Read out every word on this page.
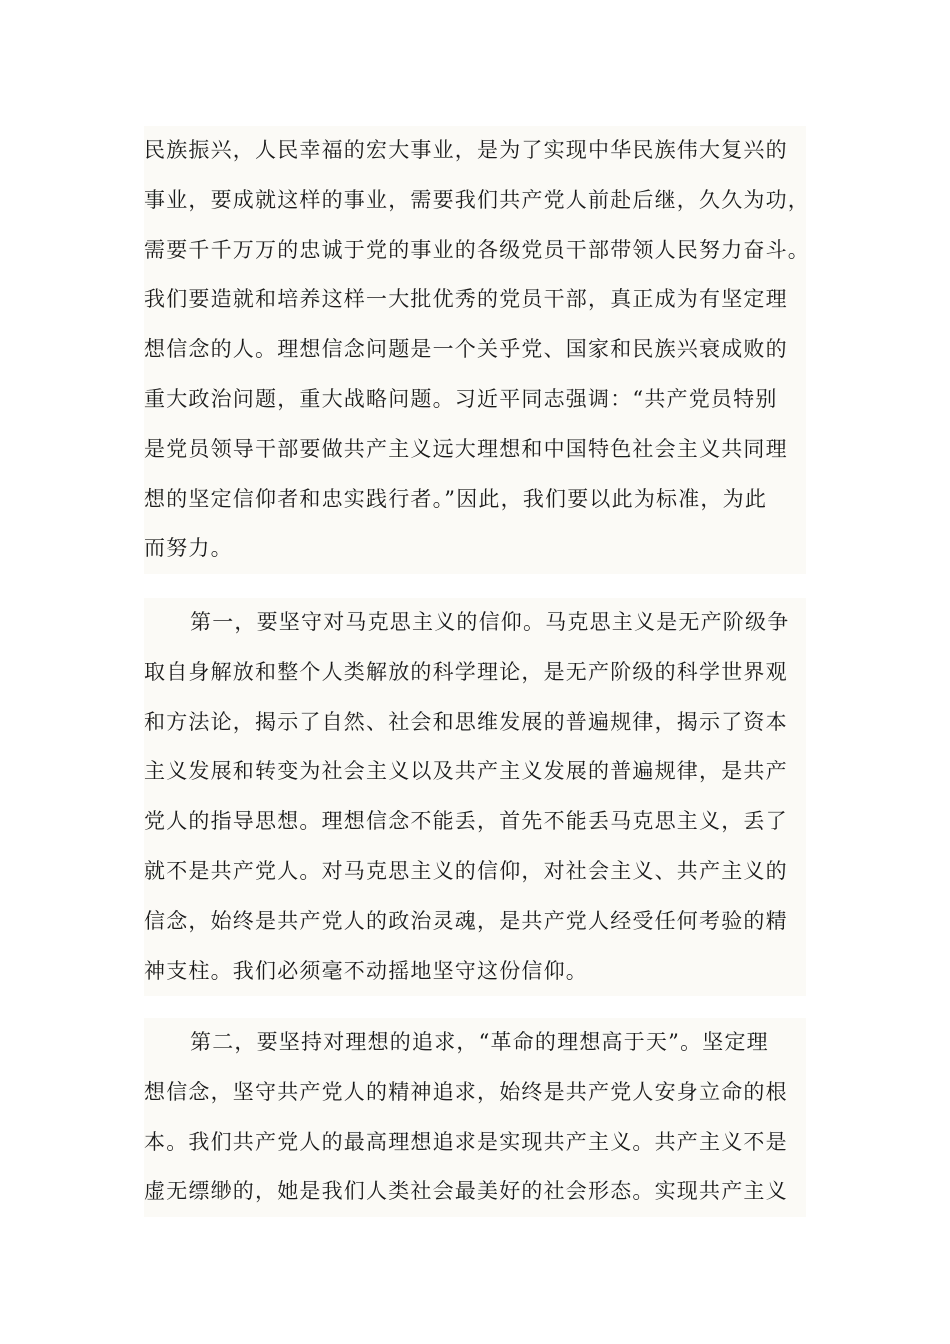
民族振兴，人民幸福的宏大事业，是为了实现中华民族伟大复兴的
事业，要成就这样的事业，需要我们共产党人前赴后继，久久为功，
需要千千万万的忠诚于党的事业的各级党员干部带领人民努力奋斗。
我们要造就和培养这样一大批优秀的党员干部，真正成为有坚定理
想信念的人。理想信念问题是一个关乎党、国家和民族兴衰成败的
重大政治问题，重大战略问题。习近平同志强调：“共产党员特别
是党员领导干部要做共产主义远大理想和中国特色社会主义共同理
想的坚定信仰者和忠实践行者。”因此，我们要以此为标准，为此
而努力。
第一，要坚守对马克思主义的信仰。马克思主义是无产阶级争
取自身解放和整个人类解放的科学理论，是无产阶级的科学世界观
和方法论，揭示了自然、社会和思维发展的普遍规律，揭示了资本
主义发展和转变为社会主义以及共产主义发展的普遍规律，是共产
党人的指导思想。理想信念不能丢，首先不能丢马克思主义，丢了
就不是共产党人。对马克思主义的信仰，对社会主义、共产主义的
信念，始终是共产党人的政治灵魂，是共产党人经受任何考验的精
神支柱。我们必须毫不动摇地坚守这份信仰。
第二，要坚持对理想的追求，“革命的理想高于天”。坚定理
想信念，坚守共产党人的精神追求，始终是共产党人安身立命的根
本。我们共产党人的最高理想追求是实现共产主义。共产主义不是
虚无缥缈的，她是我们人类社会最美好的社会形态。实现共产主义
